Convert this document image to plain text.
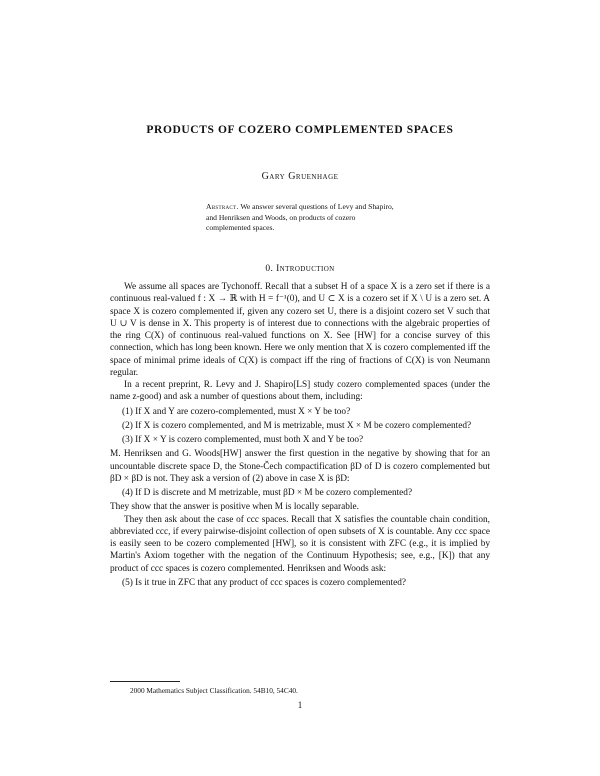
PRODUCTS OF COZERO COMPLEMENTED SPACES
Gary Gruenhage
Abstract. We answer several questions of Levy and Shapiro, and Henriksen and Woods, on products of cozero complemented spaces.
0. Introduction

We assume all spaces are Tychonoff. Recall that a subset H of a space X is a zero set if there is a continuous real-valued f : X → ℝ with H = f⁻¹(0), and U ⊂ X is a cozero set if X \ U is a zero set. A space X is cozero complemented if, given any cozero set U, there is a disjoint cozero set V such that U ∪ V is dense in X. This property is of interest due to connections with the algebraic properties of the ring C(X) of continuous real-valued functions on X. See [HW] for a concise survey of this connection, which has long been known. Here we only mention that X is cozero complemented iff the space of minimal prime ideals of C(X) is compact iff the ring of fractions of C(X) is von Neumann regular.

In a recent preprint, R. Levy and J. Shapiro[LS] study cozero complemented spaces (under the name z-good) and ask a number of questions about them, including:

(1) If X and Y are cozero-complemented, must X × Y be too?

(2) If X is cozero complemented, and M is metrizable, must X × M be cozero complemented?

(3) If X × Y is cozero complemented, must both X and Y be too?

M. Henriksen and G. Woods[HW] answer the first question in the negative by showing that for an uncountable discrete space D, the Stone-Čech compactification βD of D is cozero complemented but βD × βD is not. They ask a version of (2) above in case X is βD:

(4) If D is discrete and M metrizable, must βD × M be cozero complemented?

They show that the answer is positive when M is locally separable.

They then ask about the case of ccc spaces. Recall that X satisfies the countable chain condition, abbreviated ccc, if every pairwise-disjoint collection of open subsets of X is countable. Any ccc space is easily seen to be cozero complemented [HW], so it is consistent with ZFC (e.g., it is implied by Martin's Axiom together with the negation of the Continuum Hypothesis; see, e.g., [K]) that any product of ccc spaces is cozero complemented. Henriksen and Woods ask:

(5) Is it true in ZFC that any product of ccc spaces is cozero complemented?

2000 Mathematics Subject Classification. 54B10, 54C40.
1
